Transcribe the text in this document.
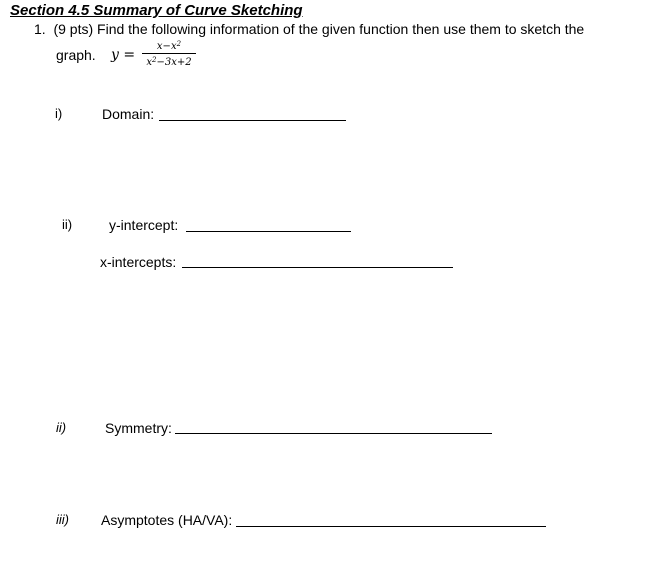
Section 4.5 Summary of Curve Sketching
1. (9 pts) Find the following information of the given function then use them to sketch the
graph. $y = \frac{x-x^2}{x^2-3x+2}$
i)	Domain:
ii)	y-intercept:
x-intercepts:
ii)	Symmetry:
iii) Asymptotes (HA/VA):
